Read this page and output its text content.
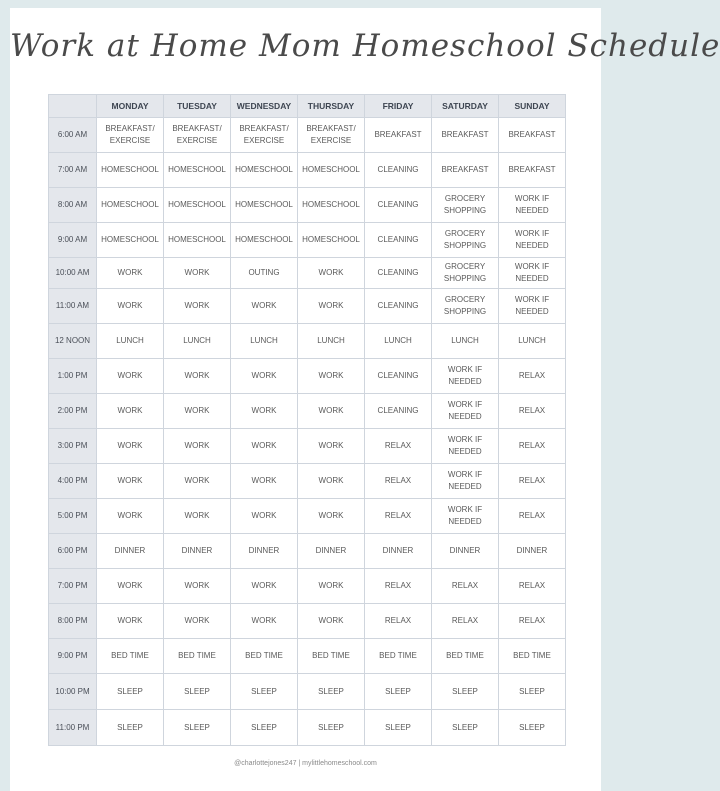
Work at Home Mom Homeschool Schedule
	MONDAY	TUESDAY	WEDNESDAY	THURSDAY	FRIDAY	SATURDAY	SUNDAY
6:00 AM	BREAKFAST/ EXERCISE	BREAKFAST/ EXERCISE	BREAKFAST/ EXERCISE	BREAKFAST/ EXERCISE	BREAKFAST	BREAKFAST	BREAKFAST
7:00 AM	HOMESCHOOL	HOMESCHOOL	HOMESCHOOL	HOMESCHOOL	CLEANING	BREAKFAST	BREAKFAST
8:00 AM	HOMESCHOOL	HOMESCHOOL	HOMESCHOOL	HOMESCHOOL	CLEANING	GROCERY SHOPPING	WORK IF NEEDED
9:00 AM	HOMESCHOOL	HOMESCHOOL	HOMESCHOOL	HOMESCHOOL	CLEANING	GROCERY SHOPPING	WORK IF NEEDED
10:00 AM	WORK	WORK	OUTING	WORK	CLEANING	GROCERY SHOPPING	WORK IF NEEDED
11:00 AM	WORK	WORK	WORK	WORK	CLEANING	GROCERY SHOPPING	WORK IF NEEDED
12 NOON	LUNCH	LUNCH	LUNCH	LUNCH	LUNCH	LUNCH	LUNCH
1:00 PM	WORK	WORK	WORK	WORK	CLEANING	WORK IF NEEDED	RELAX
2:00 PM	WORK	WORK	WORK	WORK	CLEANING	WORK IF NEEDED	RELAX
3:00 PM	WORK	WORK	WORK	WORK	RELAX	WORK IF NEEDED	RELAX
4:00 PM	WORK	WORK	WORK	WORK	RELAX	WORK IF NEEDED	RELAX
5:00 PM	WORK	WORK	WORK	WORK	RELAX	WORK IF NEEDED	RELAX
6:00 PM	DINNER	DINNER	DINNER	DINNER	DINNER	DINNER	DINNER
7:00 PM	WORK	WORK	WORK	WORK	RELAX	RELAX	RELAX
8:00 PM	WORK	WORK	WORK	WORK	RELAX	RELAX	RELAX
9:00 PM	BED TIME	BED TIME	BED TIME	BED TIME	BED TIME	BED TIME	BED TIME
10:00 PM	SLEEP	SLEEP	SLEEP	SLEEP	SLEEP	SLEEP	SLEEP
11:00 PM	SLEEP	SLEEP	SLEEP	SLEEP	SLEEP	SLEEP	SLEEP
@charlottejones247 | mylittlehomeschool.com
